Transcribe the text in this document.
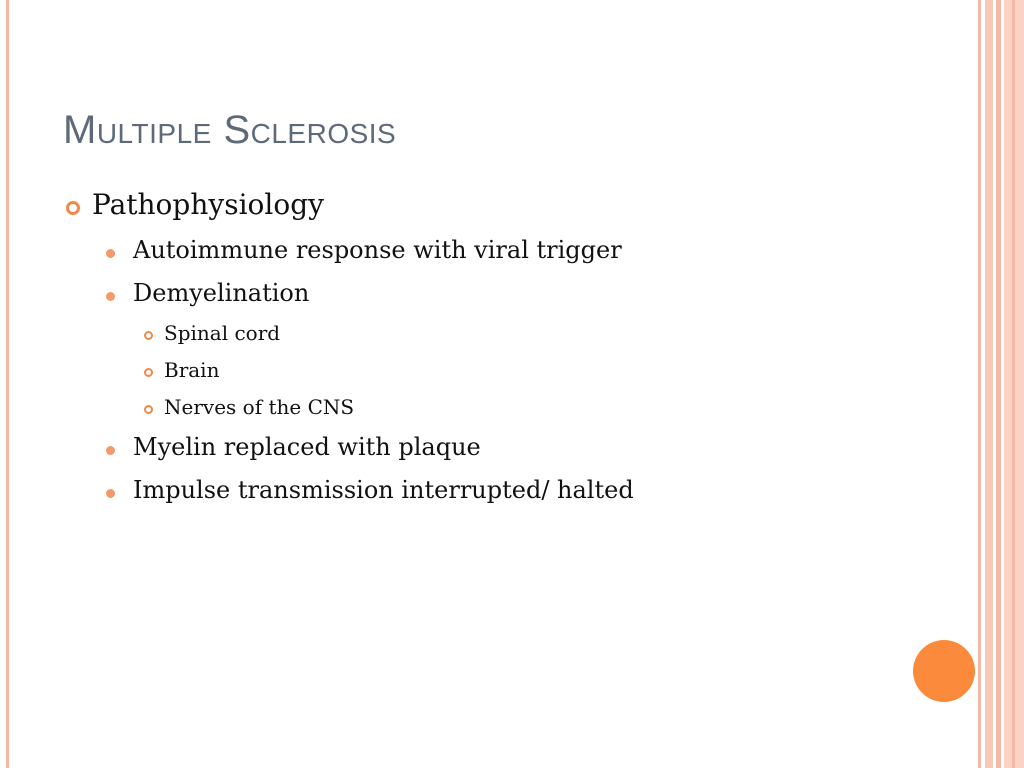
Multiple Sclerosis
Pathophysiology
Autoimmune response with viral trigger
Demyelination
Spinal cord
Brain
Nerves of the CNS
Myelin replaced with plaque
Impulse transmission interrupted/ halted
